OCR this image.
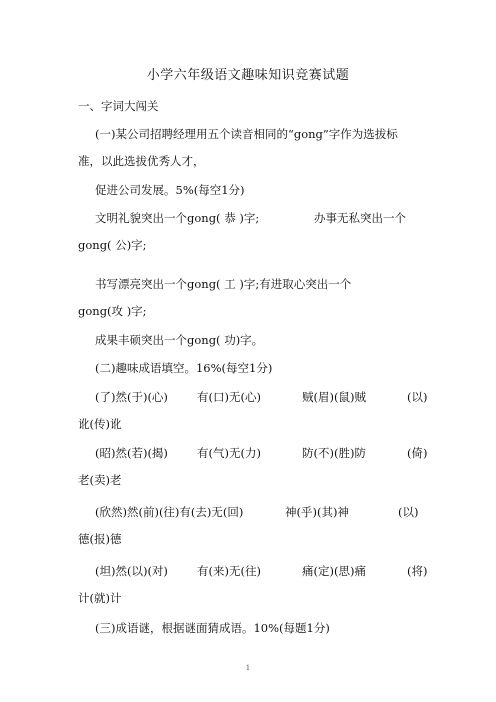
小学六年级语文趣味知识竞赛试题
一、字词大闯关
(一)某公司招聘经理用五个读音相同的“gong”字作为选拔标
准，以此选拔优秀人才，
促进公司发展。5%(每空1分)
文明礼貌突出一个gong( 恭 )字;	办事无私突出一个
gong( 公)字;
书写漂亮突出一个gong( 工 )字;有进取心突出一个
gong(攻 )字;
成果丰硕突出一个gong( 功)字。
(二)趣味成语填空。16%(每空1分)
(了)然(于)(心)	有(口)无(心)	贼(眉)(鼠)贼	(以)
讹(传)讹
(昭)然(若)(揭)	有(气)无(力)	防(不)(胜)防	(倚)
老(卖)老
(欣然)然(前)(往)有(去)无(回)	神(乎)(其)神	(以)
德(报)德
(坦)然(以)(对)	有(来)无(往)	痛(定)(思)痛	(将)
计(就)计
(三)成语谜，根据谜面猜成语。10%(每题1分)
1
